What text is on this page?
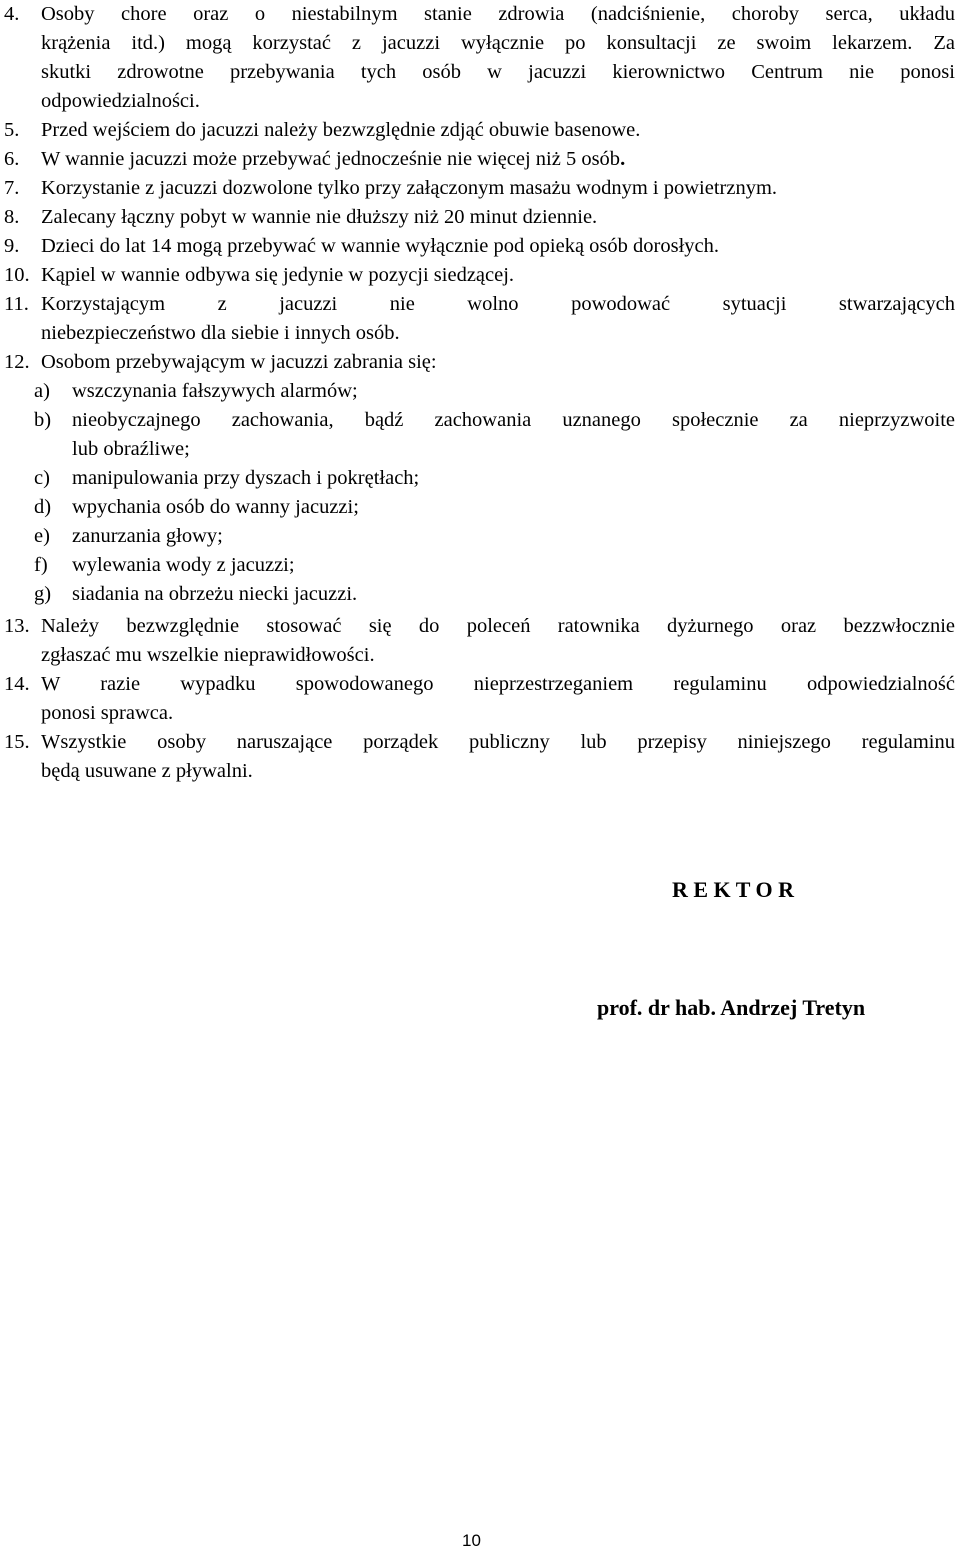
4. Osoby chore oraz o niestabilnym stanie zdrowia (nadciśnienie, choroby serca, układu
krążenia itd.) mogą korzystać z jacuzzi wyłącznie po konsultacji ze swoim lekarzem. Za
skutki zdrowotne przebywania tych osób w jacuzzi kierownictwo Centrum nie ponosi
odpowiedzialności.
5. Przed wejściem do jacuzzi należy bezwzględnie zdjąć obuwie basenowe.
6. W wannie jacuzzi może przebywać jednocześnie nie więcej niż 5 osób.
7. Korzystanie z jacuzzi dozwolone tylko przy załączonym masażu wodnym i powietrznym.
8. Zalecany łączny pobyt w wannie nie dłuższy niż 20 minut dziennie.
9. Dzieci do lat 14 mogą przebywać w wannie wyłącznie pod opieką osób dorosłych.
10. Kąpiel w wannie odbywa się jedynie w pozycji siedzącej.
11. Korzystającym z jacuzzi nie wolno powodować sytuacji stwarzających
niebezpieczeństwo dla siebie i innych osób.
12. Osobom przebywającym w jacuzzi zabrania się:
a) wszczynania fałszywych alarmów;
b) nieobyczajnego zachowania, bądź zachowania uznanego społecznie za nieprzyzwoite
lub obraźliwe;
c) manipulowania przy dyszach i pokrętłach;
d) wpychania osób do wanny jacuzzi;
e) zanurzania głowy;
f) wylewania wody z jacuzzi;
g) siadania na obrzeżu niecki jacuzzi.
13. Należy bezwzględnie stosować się do poleceń ratownika dyżurnego oraz bezzwłocznie
zgłaszać mu wszelkie nieprawidłowości.
14. W razie wypadku spowodowanego nieprzestrzeganiem regulaminu odpowiedzialność
ponosi sprawca.
15. Wszystkie osoby naruszające porządek publiczny lub przepisy niniejszego regulaminu
będą usuwane z pływalni.
R E K T O R
prof. dr hab. Andrzej Tretyn
10
